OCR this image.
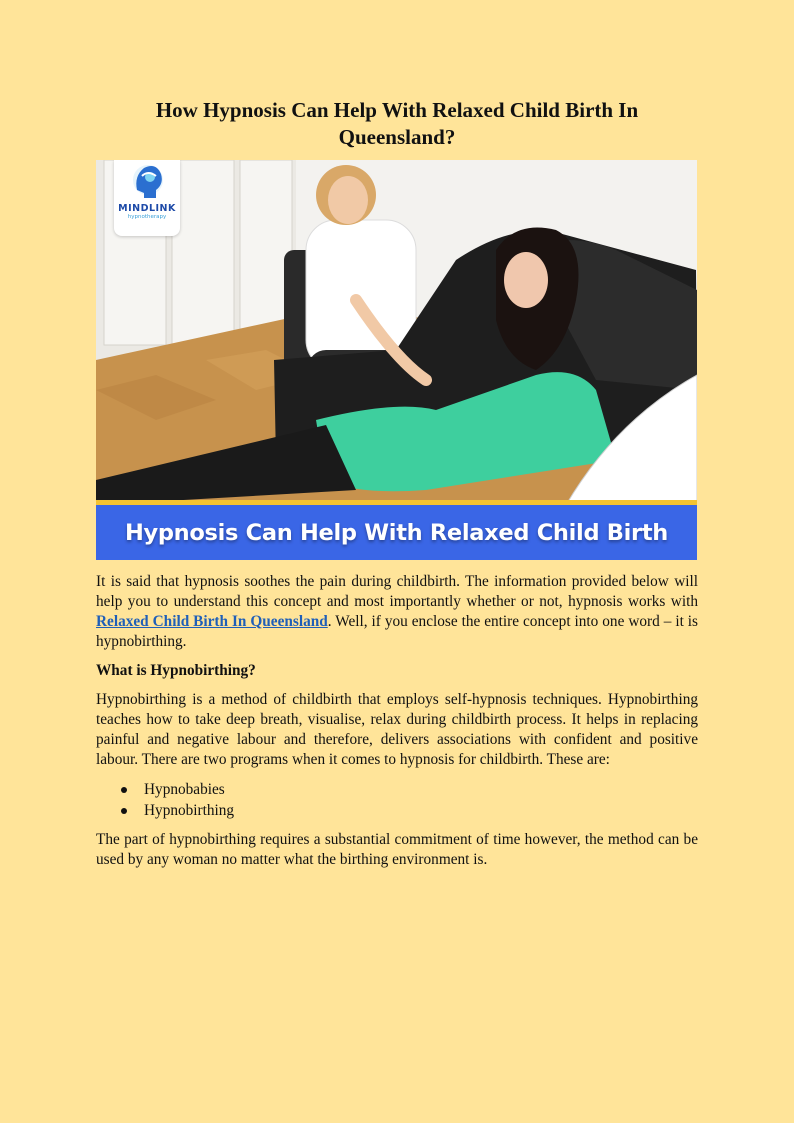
How Hypnosis Can Help With Relaxed Child Birth In Queensland?
MINDLINK
hypnotherapy
Hypnosis Can Help With Relaxed Child Birth

It is said that hypnosis soothes the pain during childbirth. The information provided below will help you to understand this concept and most importantly whether or not, hypnosis works with Relaxed Child Birth In Queensland. Well, if you enclose the entire concept into one word – it is hypnobirthing.

What is Hypnobirthing?

Hypnobirthing is a method of childbirth that employs self-hypnosis techniques. Hypnobirthing teaches how to take deep breath, visualise, relax during childbirth process. It helps in replacing painful and negative labour and therefore, delivers associations with confident and positive labour. There are two programs when it comes to hypnosis for childbirth. These are:

Hypnobabies
Hypnobirthing

The part of hypnobirthing requires a substantial commitment of time however, the method can be used by any woman no matter what the birthing environment is.
